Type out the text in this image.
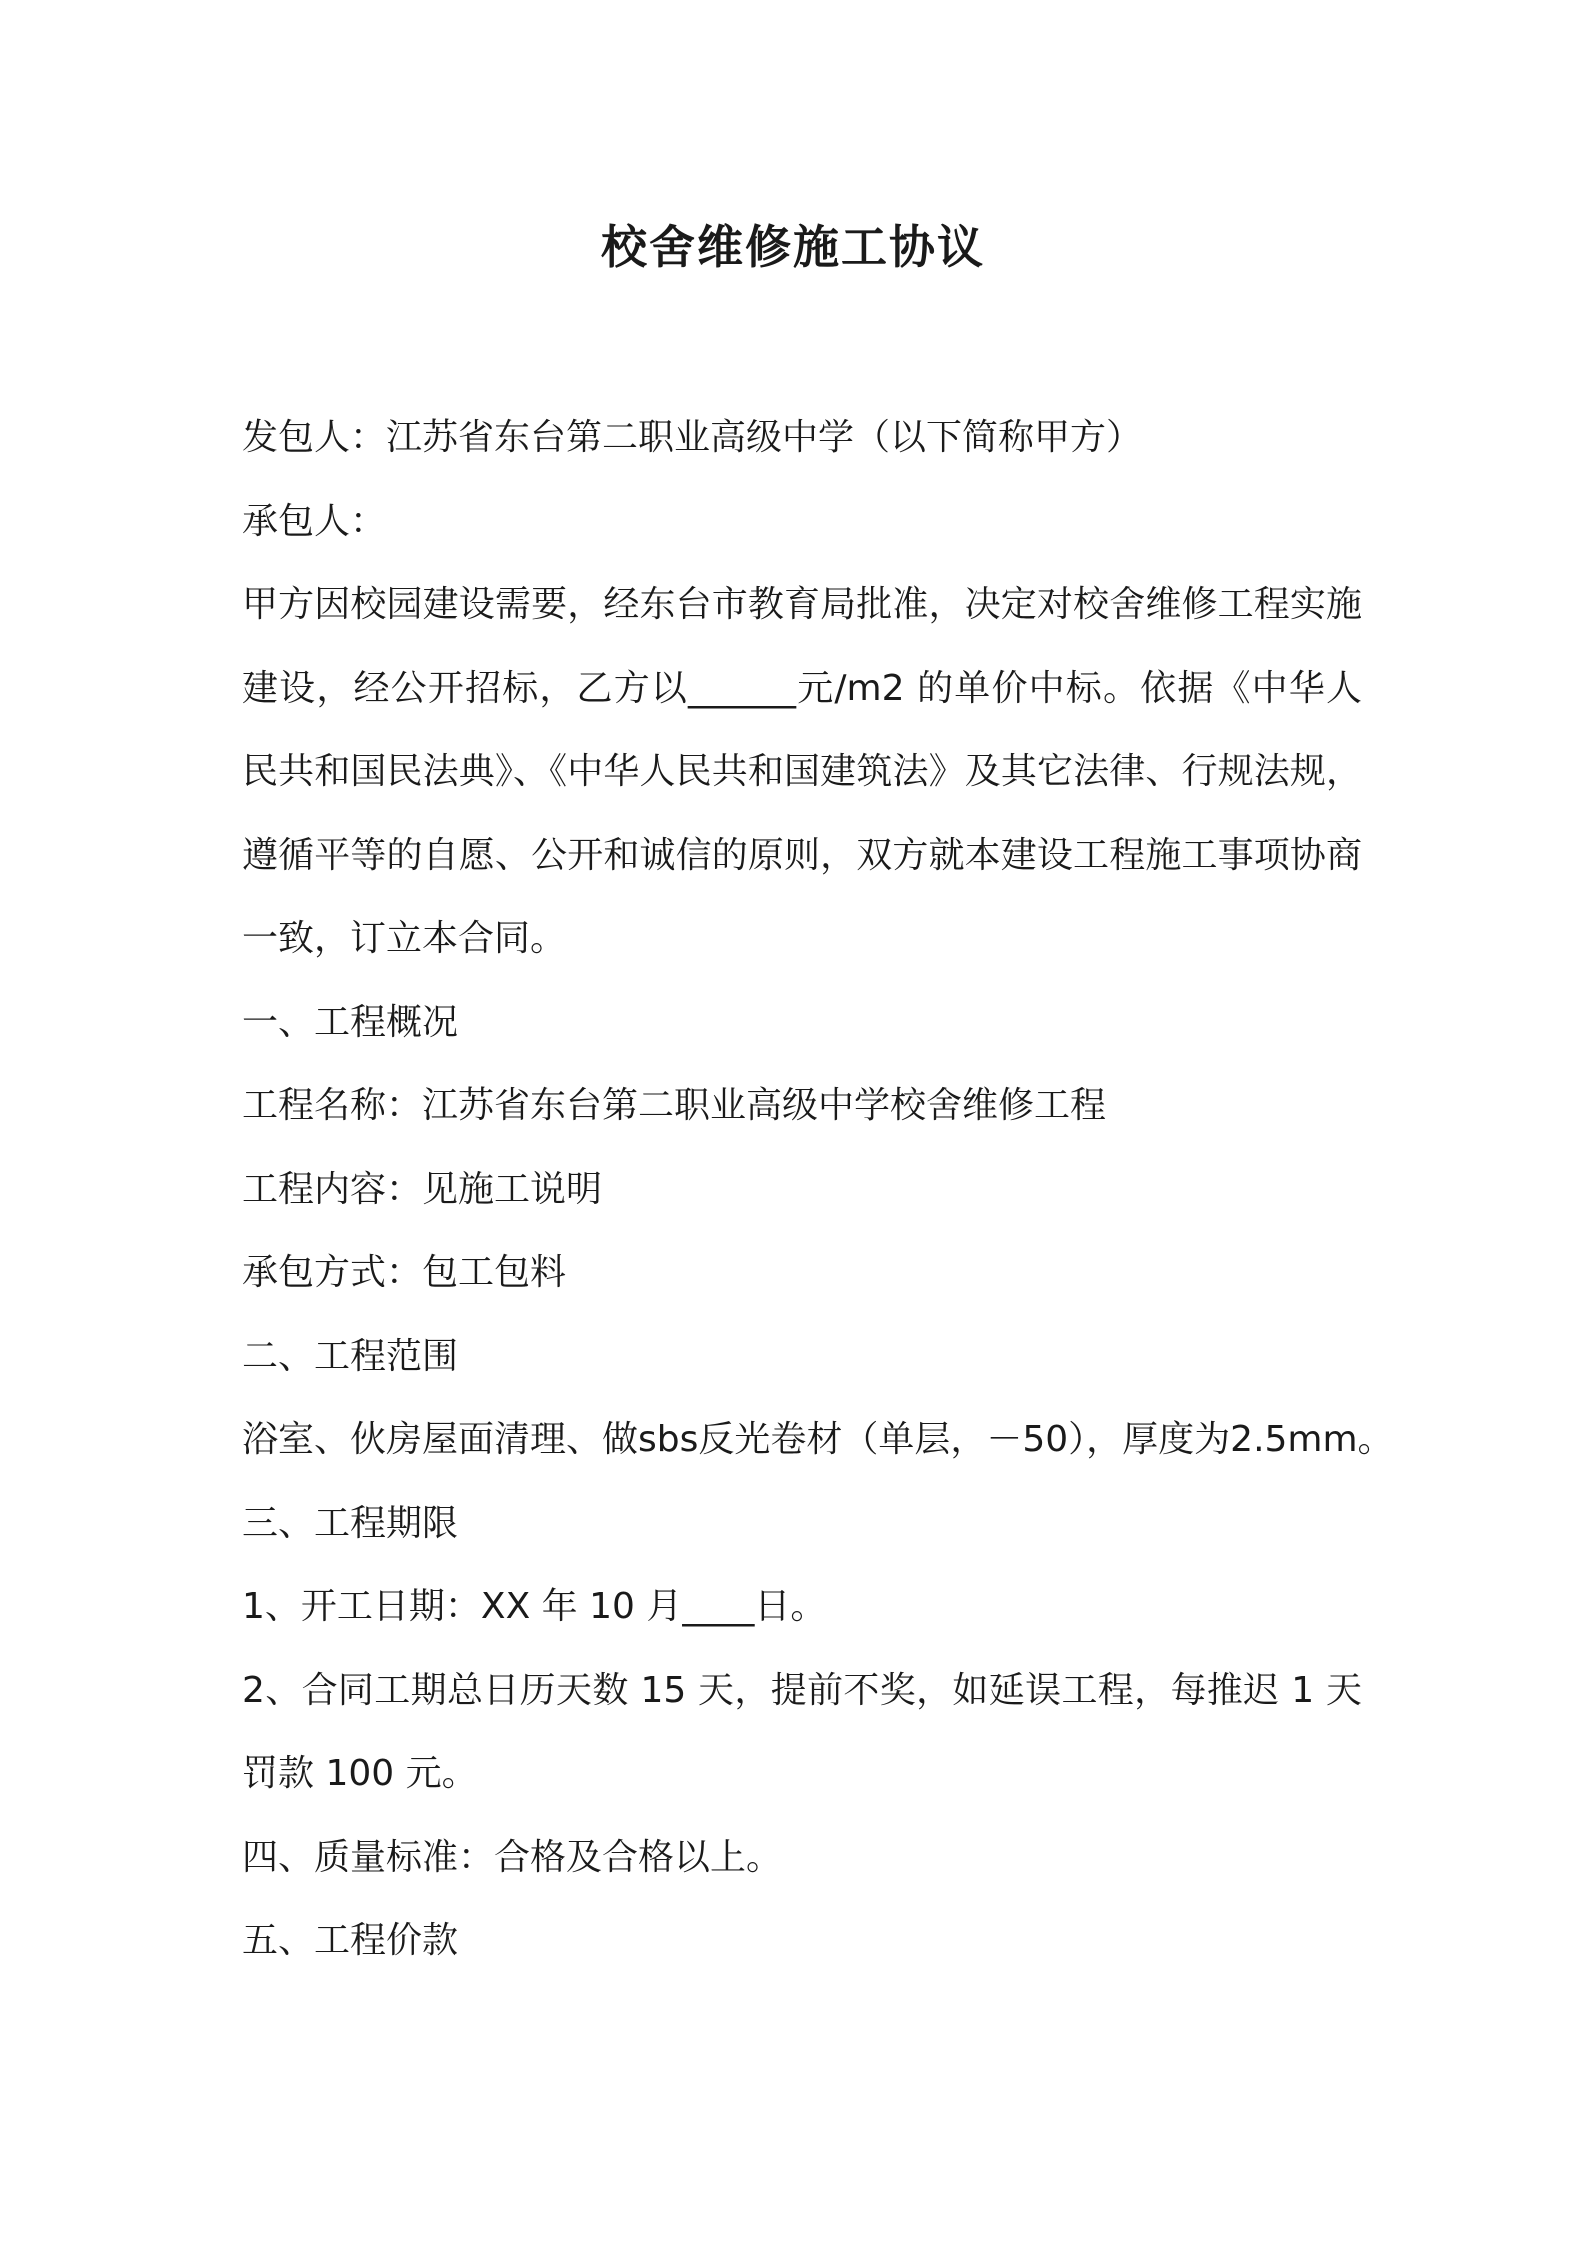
校舍维修施工协议
发包人：江苏省东台第二职业高级中学（以下简称甲方）
承包人：
甲方因校园建设需要，经东台市教育局批准，决定对校舍维修工程实施建设，经公开招标，乙方以______元/m2 的单价中标。依据《中华人民共和国民法典》、《中华人民共和国建筑法》及其它法律、行规法规，遵循平等的自愿、公开和诚信的原则，双方就本建设工程施工事项协商一致，订立本合同。
一、工程概况
工程名称：江苏省东台第二职业高级中学校舍维修工程
工程内容：见施工说明
承包方式：包工包料
二、工程范围
浴室、伙房屋面清理、做sbs反光卷材（单层，－50），厚度为2.5mm。
三、工程期限
1、开工日期：XX 年 10 月____日。
2、合同工期总日历天数 15 天，提前不奖，如延误工程，每推迟 1 天罚款 100 元。
四、质量标准：合格及合格以上。
五、工程价款
